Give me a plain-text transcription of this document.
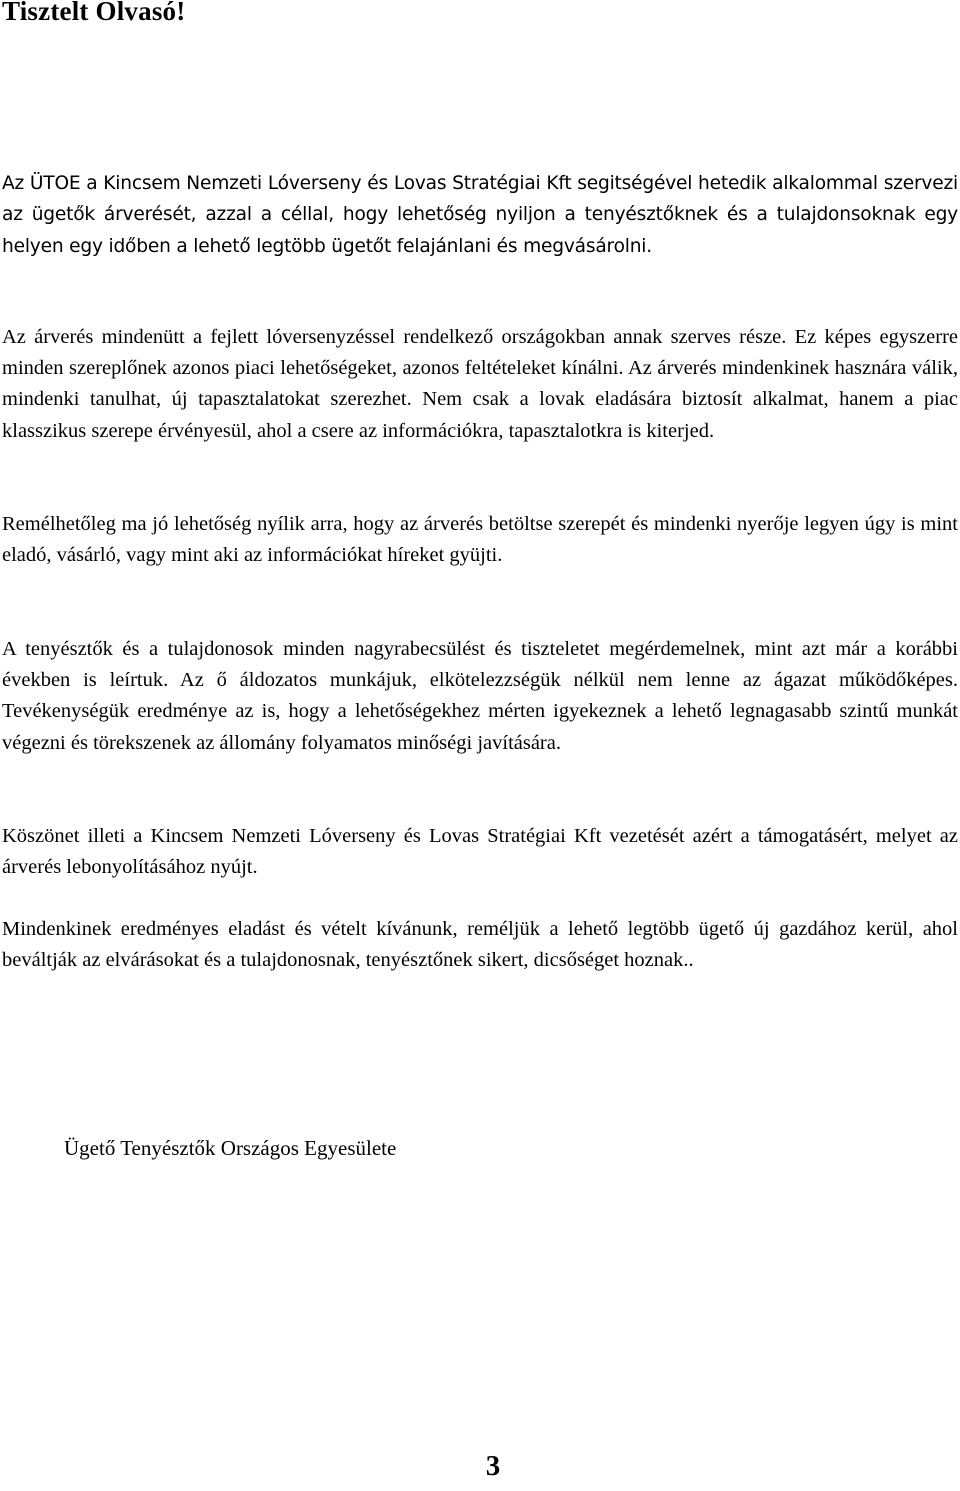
Tisztelt Olvasó!

Az ÜTOE a Kincsem Nemzeti Lóverseny és Lovas Stratégiai Kft segitségével hetedik alkalommal szervezi az ügetők árverését, azzal a céllal, hogy lehetőség nyiljon a tenyésztőknek és a tulajdonsoknak egy helyen egy időben a lehető legtöbb ügetőt felajánlani és megvásárolni.

Az árverés mindenütt a fejlett lóversenyzéssel rendelkező országokban annak szerves része. Ez képes egyszerre minden szereplőnek azonos piaci lehetőségeket, azonos feltételeket kínálni. Az árverés mindenkinek hasznára válik, mindenki tanulhat, új tapasztalatokat szerezhet. Nem csak a lovak eladására biztosít alkalmat, hanem a piac klasszikus szerepe érvényesül, ahol a csere az információkra, tapasztalotkra is kiterjed.

Remélhetőleg ma jó lehetőség nyílik arra, hogy az árverés betöltse szerepét és mindenki nyerője legyen úgy is mint eladó, vásárló, vagy mint aki az információkat híreket gyüjti.

A tenyésztők és a tulajdonosok minden nagyrabecsülést és tiszteletet megérdemelnek, mint azt már a korábbi években is leírtuk. Az ő áldozatos munkájuk, elkötelezzségük nélkül nem lenne az ágazat működőképes. Tevékenységük eredménye az is, hogy a lehetőségekhez mérten igyekeznek a lehető legnagasabb szintű munkát végezni és törekszenek az állomány folyamatos minőségi javítására.

Köszönet illeti a Kincsem Nemzeti Lóverseny és Lovas Stratégiai Kft vezetését azért a támogatásért, melyet az árverés lebonyolításához nyújt.

Mindenkinek eredményes eladást és vételt kívánunk, reméljük a lehető legtöbb ügető új gazdához kerül, ahol beváltják az elvárásokat és a tulajdonosnak, tenyésztőnek sikert, dicsőséget hoznak..

Ügető Tenyésztők Országos Egyesülete

3
